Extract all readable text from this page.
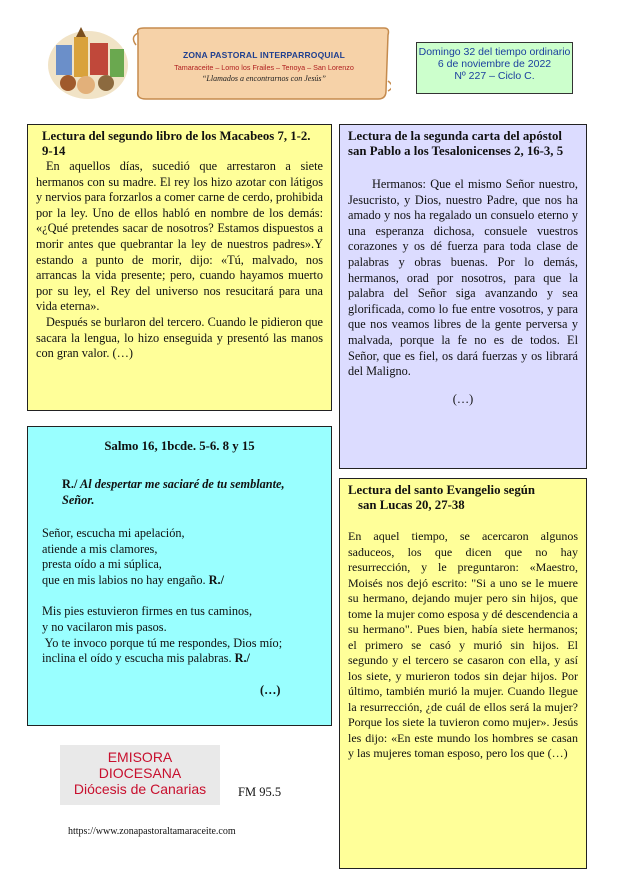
ZONA PASTORAL INTERPARROQUIAL
Tamaraceite – Lomo los Frailes – Tenoya – San Lorenzo
“Llamados a encontrarnos con Jesús”
Domingo 32 del tiempo ordinario
6 de noviembre de 2022
Nº 227 – Ciclo C.
Lectura del segundo libro de los Macabeos 7, 1-2. 9-14
En aquellos días, sucedió que arrestaron a siete hermanos con su madre. El rey los hizo azotar con látigos y nervios para forzarlos a comer carne de cerdo, prohibida por la ley. Uno de ellos habló en nombre de los demás: «¿Qué pretendes sacar de nosotros? Estamos dispuestos a morir antes que quebrantar la ley de nuestros padres».Y estando a punto de morir, dijo: «Tú, malvado, nos arrancas la vida presente; pero, cuando hayamos muerto por su ley, el Rey del universo nos resucitará para una vida eterna».
Después se burlaron del tercero. Cuando le pidieron que sacara la lengua, lo hizo enseguida y presentó las manos con gran valor. (…)
Lectura de la segunda carta del apóstol san Pablo a los Tesalonicenses 2, 16-3, 5
Hermanos: Que el mismo Señor nuestro, Jesucristo, y Dios, nuestro Padre, que nos ha amado y nos ha regalado un consuelo eterno y una esperanza dichosa, consuele vuestros corazones y os dé fuerza para toda clase de palabras y obras buenas. Por lo demás, hermanos, orad por nosotros, para que la palabra del Señor siga avanzando y sea glorificada, como lo fue entre vosotros, y para que nos veamos libres de la gente perversa y malvada, porque la fe no es de todos. El Señor, que es fiel, os dará fuerzas y os librará del Maligno.
(…)
Salmo 16, 1bcde. 5-6. 8 y 15
R./ Al despertar me saciaré de tu semblante, Señor.
Señor, escucha mi apelación,
atiende a mis clamores,
presta oído a mi súplica,
que en mis labios no hay engaño. R./
Mis pies estuvieron firmes en tus caminos,
y no vacilaron mis pasos.
Yo te invoco porque tú me respondes, Dios mío;
inclina el oído y escucha mis palabras. R./
(…)
Lectura del santo Evangelio según
san Lucas 20, 27-38
En aquel tiempo, se acercaron algunos saduceos, los que dicen que no hay resurrección, y le preguntaron: «Maestro, Moisés nos dejó escrito: "Si a uno se le muere su hermano, dejando mujer pero sin hijos, que tome la mujer como esposa y dé descendencia a su hermano". Pues bien, había siete hermanos; el primero se casó y murió sin hijos. El segundo y el tercero se casaron con ella, y así los siete, y murieron todos sin dejar hijos. Por último, también murió la mujer. Cuando llegue la resurrección, ¿de cuál de ellos será la mujer? Porque los siete la tuvieron como mujer». Jesús les dijo: «En este mundo los hombres se casan y las mujeres toman esposo, pero los que (…)
EMISORA
DIOCESANA
Diócesis de Canarias	FM 95.5
https://www.zonapastoraltamaraceite.com
